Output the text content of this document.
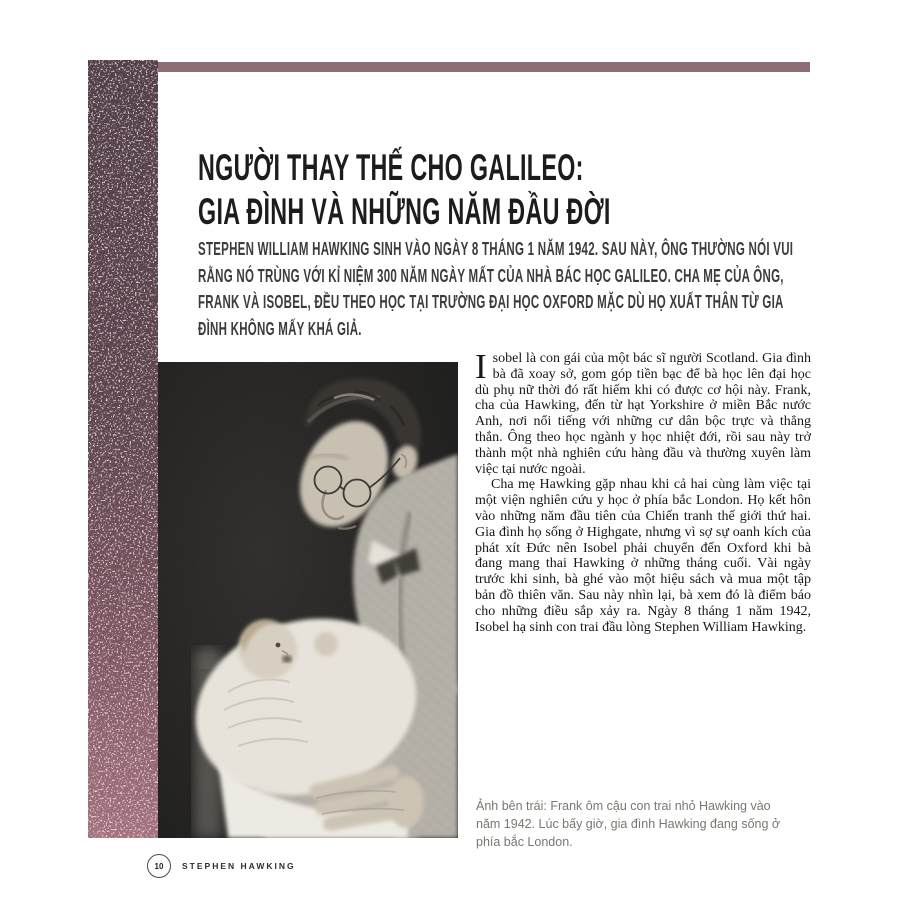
NGƯỜI THAY THẾ CHO GALILEO:
GIA ĐÌNH VÀ NHỮNG NĂM ĐẦU ĐỜI
STEPHEN WILLIAM HAWKING SINH VÀO NGÀY 8 THÁNG 1 NĂM 1942. SAU NÀY, ÔNG THƯỜNG NÓI VUI RẰNG NÓ TRÙNG VỚI KỈ NIỆM 300 NĂM NGÀY MẤT CỦA NHÀ BÁC HỌC GALILEO. CHA MẸ CỦA ÔNG, FRANK VÀ ISOBEL, ĐỀU THEO HỌC TẠI TRƯỜNG ĐẠI HỌC OXFORD MẶC DÙ HỌ XUẤT THÂN TỪ GIA ĐÌNH KHÔNG MẤY KHÁ GIẢ.

Isobel là con gái của một bác sĩ người Scotland. Gia đình bà đã xoay sở, gom góp tiền bạc để bà học lên đại học dù phụ nữ thời đó rất hiếm khi có được cơ hội này. Frank, cha của Hawking, đến từ hạt Yorkshire ở miền Bắc nước Anh, nơi nổi tiếng với những cư dân bộc trực và thẳng thắn. Ông theo học ngành y học nhiệt đới, rồi sau này trở thành một nhà nghiên cứu hàng đầu và thường xuyên làm việc tại nước ngoài.

Cha mẹ Hawking gặp nhau khi cả hai cùng làm việc tại một viện nghiên cứu y học ở phía bắc London. Họ kết hôn vào những năm đầu tiên của Chiến tranh thế giới thứ hai. Gia đình họ sống ở Highgate, nhưng vì sợ sự oanh kích của phát xít Đức nên Isobel phải chuyển đến Oxford khi bà đang mang thai Hawking ở những tháng cuối. Vài ngày trước khi sinh, bà ghé vào một hiệu sách và mua một tập bản đồ thiên văn. Sau này nhìn lại, bà xem đó là điểm báo cho những điều sắp xảy ra. Ngày 8 tháng 1 năm 1942, Isobel hạ sinh con trai đầu lòng Stephen William Hawking.

Ảnh bên trái: Frank ôm cậu con trai nhỏ Hawking vào năm 1942. Lúc bấy giờ, gia đình Hawking đang sống ở phía bắc London.
10 STEPHEN HAWKING
